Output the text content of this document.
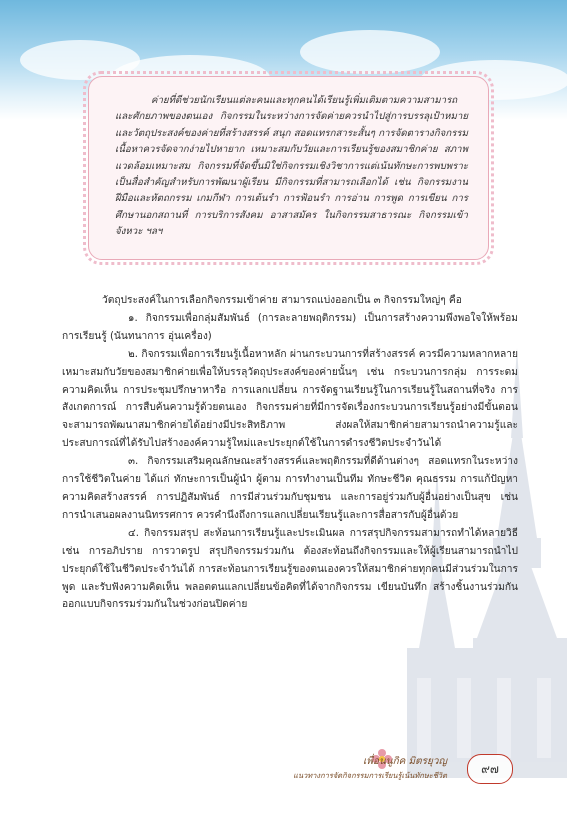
ค่ายที่ดีช่วยนักเรียนแต่ละคนและทุกคนได้เรียนรู้เพิ่มเติมตามความสามารถและศักยภาพของตนเอง กิจกรรมในระหว่างการจัดค่ายควรนำไปสู่การบรรลุเป้าหมายและวัตถุประสงค์ของค่ายที่สร้างสรรค์ สนุก สอดแทรกสาระสั้นๆ การจัดตารางกิจกรรม เนื้อหาควรจัดจากง่ายไปหายาก เหมาะสมกับวัยและการเรียนรู้ของสมาชิกค่าย สภาพแวดล้อมเหมาะสม กิจกรรมที่จัดขึ้นมิใช่กิจกรรมเชิงวิชาการแต่เน้นทักษะการพบพราะเป็นสื่อสำคัญสำหรับการพัฒนาผู้เรียน มีกิจกรรมที่สามารถเลือกได้ เช่น กิจกรรมงานฝีมือและหัตถกรรม เกมกีฬา การเต้นรำ การฟ้อนรำ การอ่าน การพูด การเขียน การศึกษานอกสถานที่ การบริการสังคม อาสาสมัคร ในกิจกรรมสาธารณะ กิจกรรมเข้าจังหวะ ฯลฯ

วัตถุประสงค์ในการเลือกกิจกรรมเข้าค่าย สามารถแบ่งออกเป็น ๓ กิจกรรมใหญ่ๆ คือ

๑. กิจกรรมเพื่อกลุ่มสัมพันธ์ (การละลายพฤติกรรม) เป็นการสร้างความพึงพอใจให้พร้อมการเรียนรู้ (นันทนาการ อุ่นเครื่อง)

๒. กิจกรรมเพื่อการเรียนรู้เนื้อหาหลัก ผ่านกระบวนการที่สร้างสรรค์ ควรมีความหลากหลาย เหมาะสมกับวัยของสมาชิกค่ายเพื่อให้บรรลุวัตถุประสงค์ของค่ายนั้นๆ เช่น กระบวนการกลุ่ม การระดมความคิดเห็น การประชุมปรึกษาหารือ การแลกเปลี่ยน การจัดฐานเรียนรู้ในการเรียนรู้ในสถานที่จริง การสังเกตการณ์ การสืบค้นความรู้ด้วยตนเอง กิจกรรมค่ายที่มีการจัดเรื่องกระบวนการเรียนรู้อย่างมีขั้นตอน จะสามารถพัฒนาสมาชิกค่ายได้อย่างมีประสิทธิภาพ ส่งผลให้สมาชิกค่ายสามารถนำความรู้และประสบการณ์ที่ได้รับไปสร้างองค์ความรู้ใหม่และประยุกต์ใช้ในการดำรงชีวิตประจำวันได้

๓. กิจกรรมเสริมคุณลักษณะสร้างสรรค์และพฤติกรรมที่ดีด้านต่างๆ สอดแทรกในระหว่างการใช้ชีวิตในค่าย ได้แก่ ทักษะการเป็นผู้นำ ผู้ตาม การทำงานเป็นทีม ทักษะชีวิต คุณธรรม การแก้ปัญหา ความคิดสร้างสรรค์ การปฏิสัมพันธ์ การมีส่วนร่วมกับชุมชน และการอยู่ร่วมกับผู้อื่นอย่างเป็นสุข เช่น การนำเสนอผลงานนิทรรศการ ควรคำนึงถึงการแลกเปลี่ยนเรียนรู้และการสื่อสารกับผู้อื่นด้วย

๔. กิจกรรมสรุป สะท้อนการเรียนรู้และประเมินผล การสรุปกิจกรรมสามารถทำได้หลายวิธี เช่น การอภิปราย การวาดรูป สรุปกิจกรรมร่วมกัน ต้องสะท้อนถึงกิจกรรมและให้ผู้เรียนสามารถนำไปประยุกต์ใช้ในชีวิตประจำวันได้ การสะท้อนการเรียนรู้ของตนเองควรให้สมาชิกค่ายทุกคนมีส่วนร่วมในการพูด และรับฟังความคิดเห็น พลอตตนแลกเปลี่ยนข้อคิดที่ได้จากกิจกรรม เขียนบันทึก สร้างชิ้นงานร่วมกัน ออกแบบกิจกรรมร่วมกันในช่วงก่อนปิดค่าย

เพื่อนนูกิค มิตรยุวญ
แนวทางการจัดกิจกรรมการเรียนรู้เน้นทักษะชีวิต	๙๗
